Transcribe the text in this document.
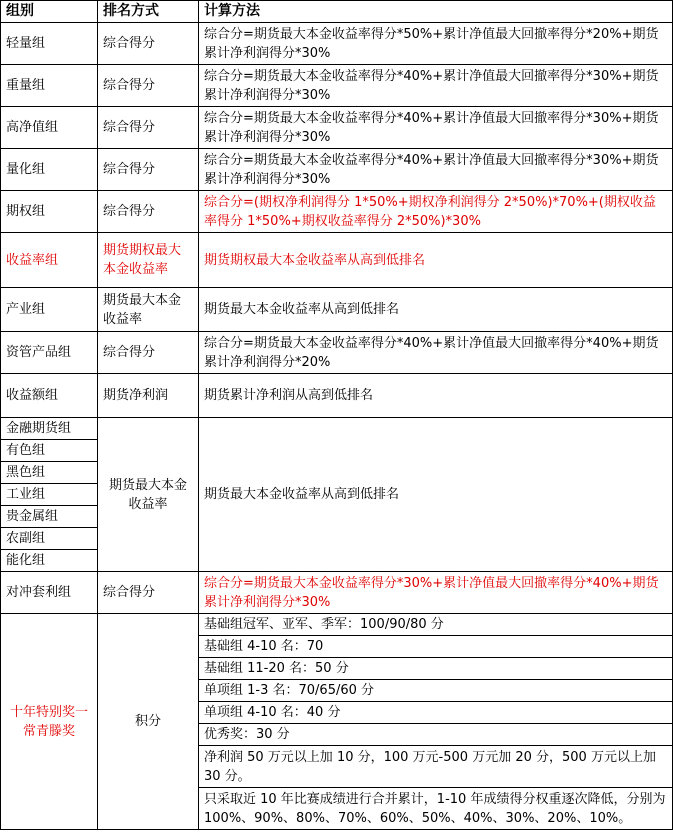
组别	排名方式	计算方法
轻量组	综合得分	综合分=期货最大本金收益率得分*50%+累计净值最大回撤率得分*20%+期货累计净利润得分*30%
重量组	综合得分	综合分=期货最大本金收益率得分*40%+累计净值最大回撤率得分*30%+期货累计净利润得分*30%
高净值组	综合得分	综合分=期货最大本金收益率得分*40%+累计净值最大回撤率得分*30%+期货累计净利润得分*30%
量化组	综合得分	综合分=期货最大本金收益率得分*40%+累计净值最大回撤率得分*30%+期货累计净利润得分*30%
期权组	综合得分	综合分=(期权净利润得分 1*50%+期权净利润得分 2*50%)*70%+(期权收益率得分 1*50%+期权收益率得分 2*50%)*30%
收益率组	期货期权最大本金收益率	期货期权最大本金收益率从高到低排名
产业组	期货最大本金收益率	期货最大本金收益率从高到低排名
资管产品组	综合得分	综合分=期货最大本金收益率得分*40%+累计净值最大回撤率得分*40%+期货累计净利润得分*20%
收益额组	期货净利润	期货累计净利润从高到低排名
金融期货组	期货最大本金收益率	期货最大本金收益率从高到低排名
有色组		
黑色组		
工业组		
贵金属组		
农副组		
能化组		
对冲套利组	综合得分	综合分=期货最大本金收益率得分*30%+累计净值最大回撤率得分*40%+期货累计净利润得分*30%
十年特别奖一常青滕奖	积分	基础组冠军、亚军、季军：100/90/80 分
		基础组 4-10 名：70
		基础组 11-20 名：50 分
		单项组 1-3 名：70/65/60 分
		单项组 4-10 名：40 分
		优秀奖：30 分
		净利润 50 万元以上加 10 分，100 万元-500 万元加 20 分，500 万元以上加 30 分。
		只采取近 10 年比赛成绩进行合并累计，1-10 年成绩得分权重逐次降低，分别为 100%、90%、80%、70%、60%、50%、40%、30%、20%、10%。
